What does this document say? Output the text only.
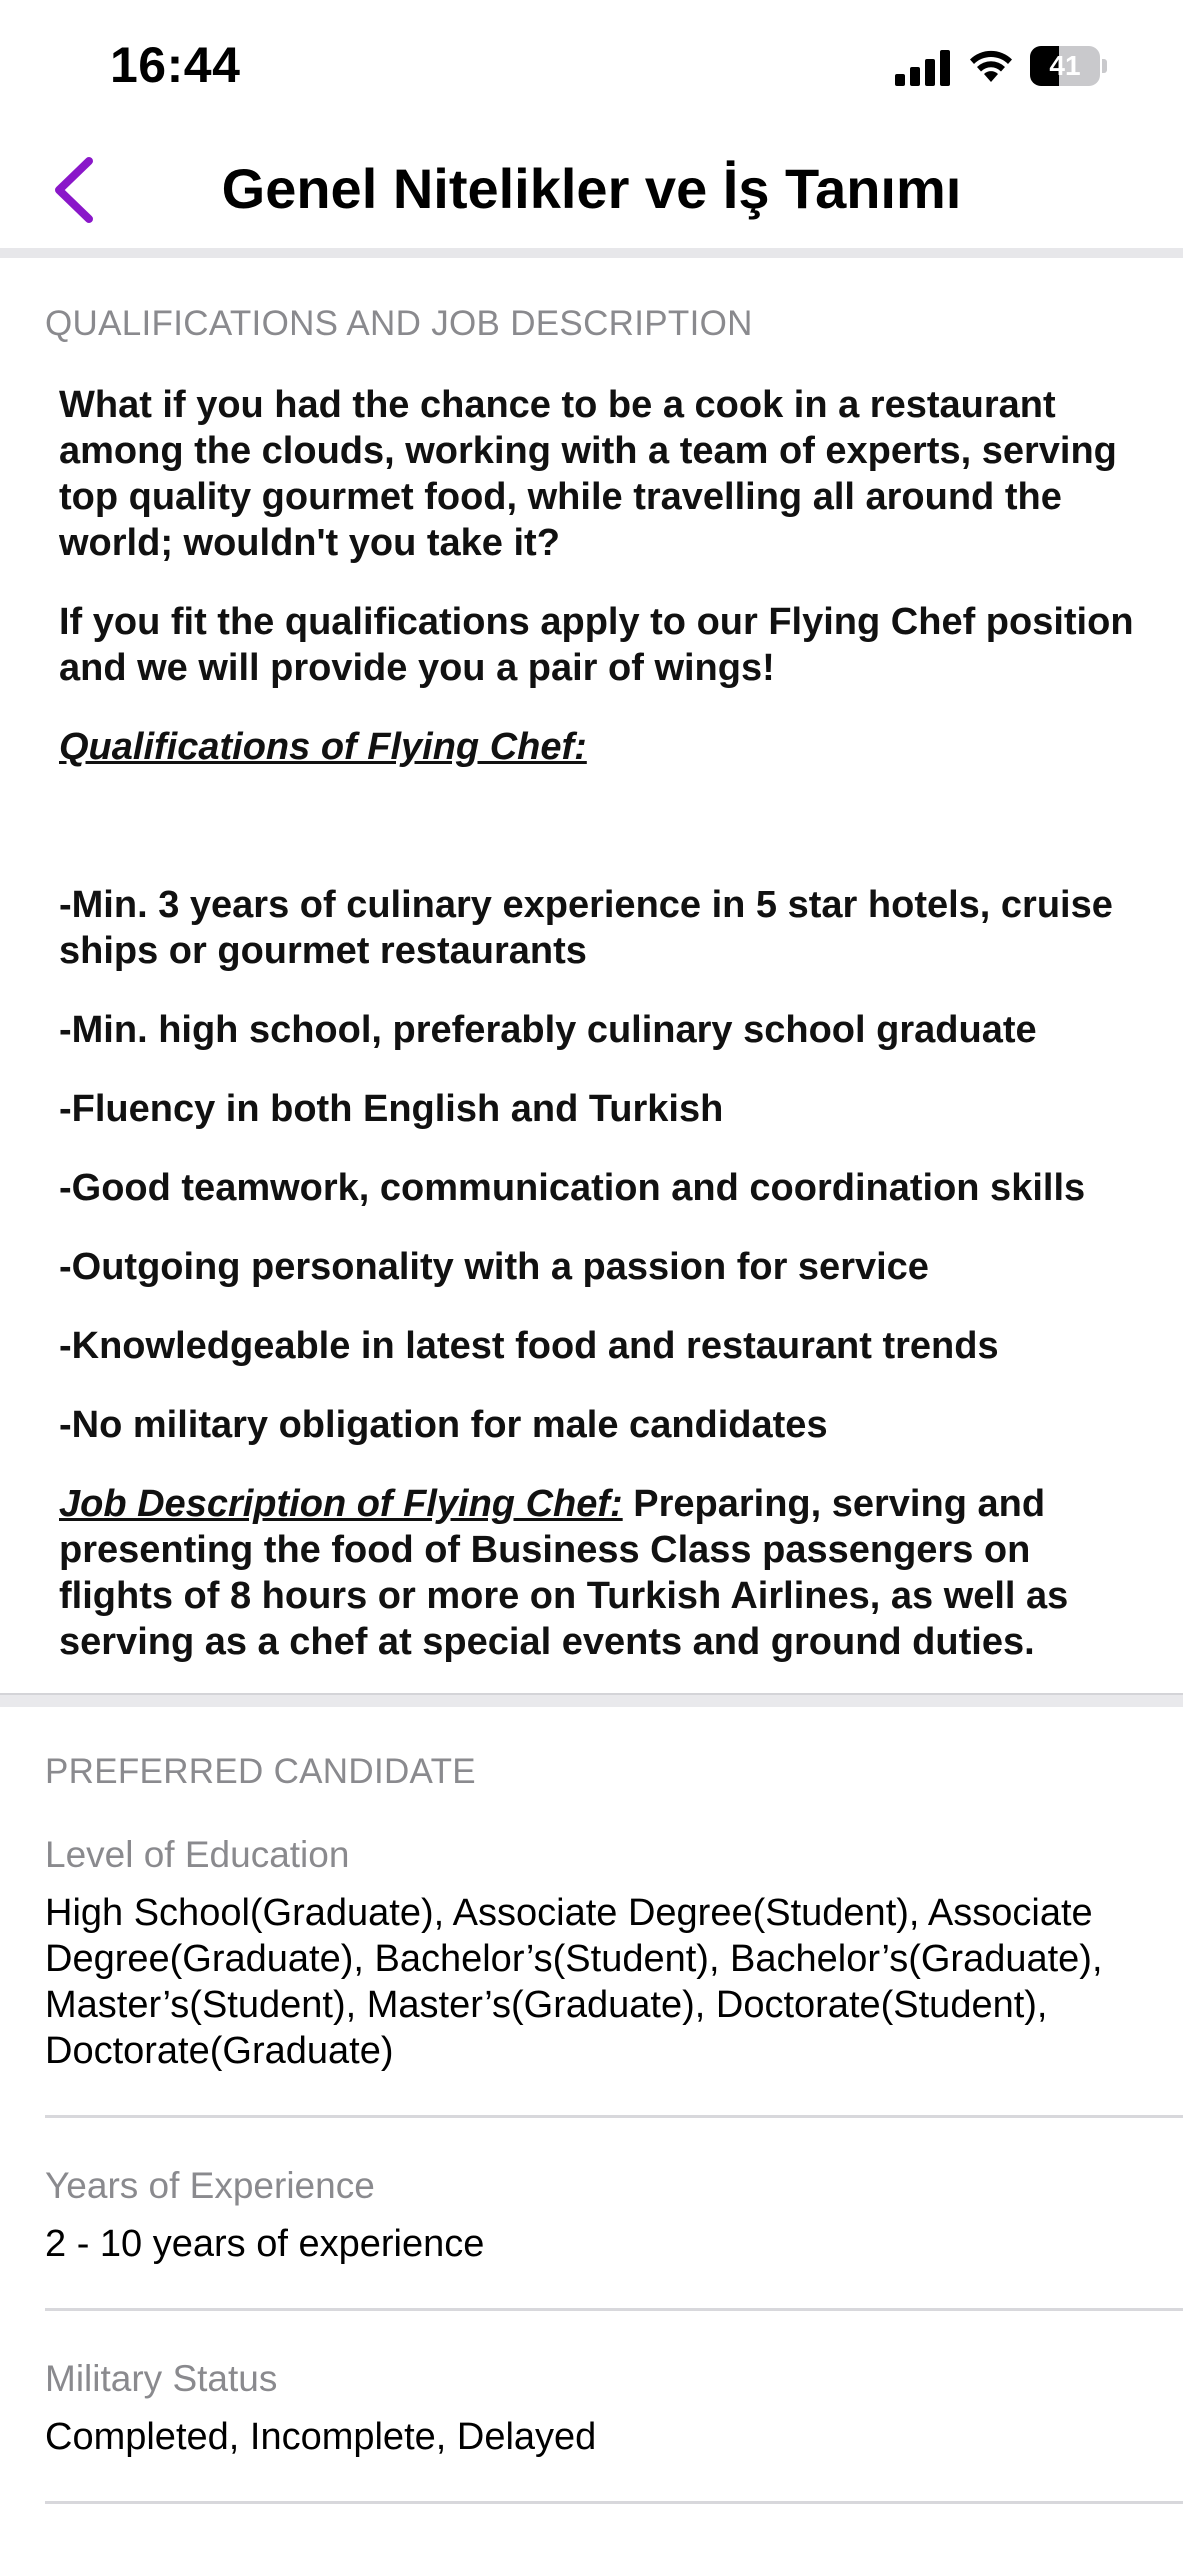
16:44	41
Genel Nitelikler ve İş Tanımı
QUALIFICATIONS AND JOB DESCRIPTION

What if you had the chance to be a cook in a restaurant among the clouds, working with a team of experts, serving top quality gourmet food, while travelling all around the world; wouldn't you take it?

If you fit the qualifications apply to our Flying Chef position and we will provide you a pair of wings!

Qualifications of Flying Chef:

-Min. 3 years of culinary experience in 5 star hotels, cruise ships or gourmet restaurants

-Min. high school, preferably culinary school graduate

-Fluency in both English and Turkish

-Good teamwork, communication and coordination skills

-Outgoing personality with a passion for service

-Knowledgeable in latest food and restaurant trends

-No military obligation for male candidates

Job Description of Flying Chef: Preparing, serving and presenting the food of Business Class passengers on flights of 8 hours or more on Turkish Airlines, as well as serving as a chef at special events and ground duties.

PREFERRED CANDIDATE
Level of Education
High School(Graduate), Associate Degree(Student), Associate Degree(Graduate), Bachelor’s(Student), Bachelor’s(Graduate), Master’s(Student), Master’s(Graduate), Doctorate(Student), Doctorate(Graduate)
Years of Experience
2 - 10 years of experience
Military Status
Completed, Incomplete, Delayed
